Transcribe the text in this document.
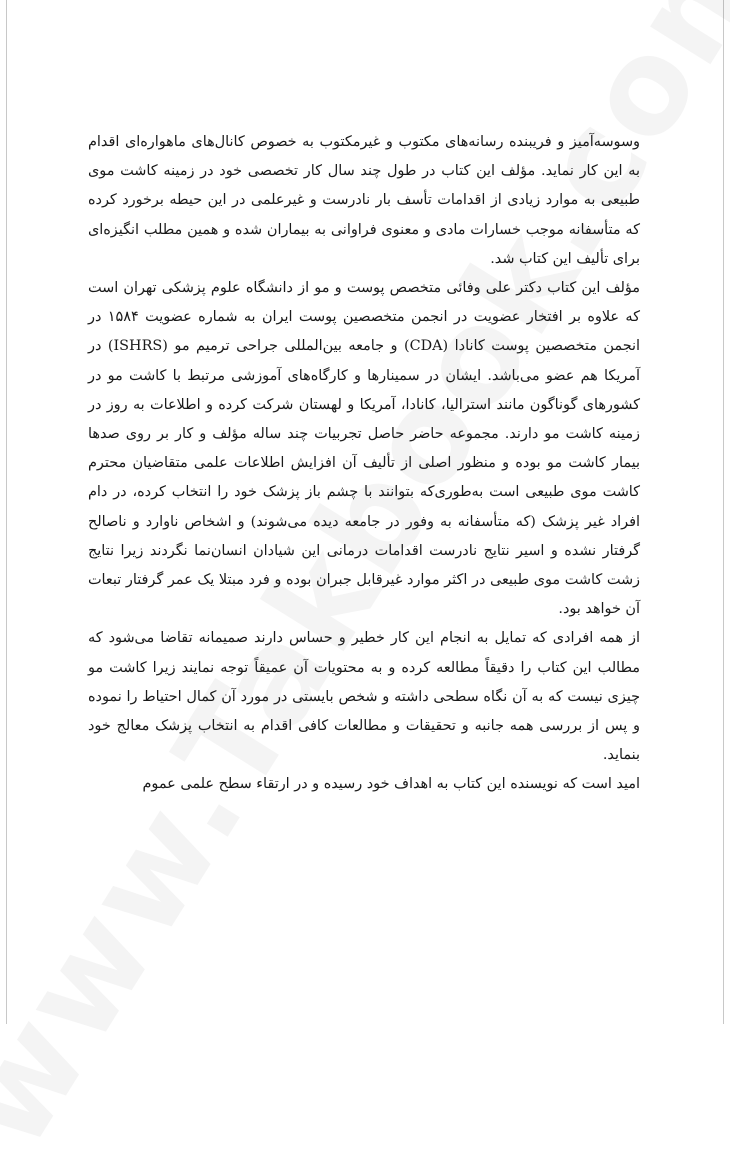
وسوسه‌آمیز و فریبنده رسانه‌های مکتوب و غیرمکتوب به خصوص کانال‌های ماهواره‌ای اقدام به این کار نماید. مؤلف این کتاب در طول چند سال کار تخصصی خود در زمینه کاشت موی طبیعی به موارد زیادی از اقدامات تأسف بار نادرست و غیرعلمی در این حیطه برخورد کرده که متأسفانه موجب خسارات مادی و معنوی فراوانی به بیماران شده و همین مطلب انگیزه‌ای برای تألیف این کتاب شد.

مؤلف این کتاب دکتر علی وفائی متخصص پوست و مو از دانشگاه علوم پزشکی تهران است که علاوه بر افتخار عضویت در انجمن متخصصین پوست ایران به شماره عضویت ۱۵۸۴ در انجمن متخصصین پوست کانادا (CDA) و جامعه بین‌المللی جراحی ترمیم مو (ISHRS) در آمریکا هم عضو می‌باشد. ایشان در سمینارها و کارگاه‌های آموزشی مرتبط با کاشت مو در کشورهای گوناگون مانند استرالیا، کانادا، آمریکا و لهستان شرکت کرده و اطلاعات به روز در زمینه کاشت مو دارند. مجموعه حاضر حاصل تجربیات چند ساله مؤلف و کار بر روی صدها بیمار کاشت مو بوده و منظور اصلی از تألیف آن افزایش اطلاعات علمی متقاضیان محترم کاشت موی طبیعی است به‌طوری‌که بتوانند با چشم باز پزشک خود را انتخاب کرده، در دام افراد غیر پزشک (که متأسفانه به وفور در جامعه دیده می‌شوند) و اشخاص ناوارد و ناصالح گرفتار نشده و اسیر نتایج نادرست اقدامات درمانی این شیادان انسان‌نما نگردند زیرا نتایج زشت کاشت موی طبیعی در اکثر موارد غیرقابل جبران بوده و فرد مبتلا یک عمر گرفتار تبعات آن خواهد بود.

از همه افرادی که تمایل به انجام این کار خطیر و حساس دارند صمیمانه تقاضا می‌شود که مطالب این کتاب را دقیقاً مطالعه کرده و به محتویات آن عمیقاً توجه نمایند زیرا کاشت مو چیزی نیست که به آن نگاه سطحی داشته و شخص بایستی در مورد آن کمال احتیاط را نموده و پس از بررسی همه جانبه و تحقیقات و مطالعات کافی اقدام به انتخاب پزشک معالج خود بنماید.

امید است که نویسنده این کتاب به اهداف خود رسیده و در ارتقاء سطح علمی عموم
